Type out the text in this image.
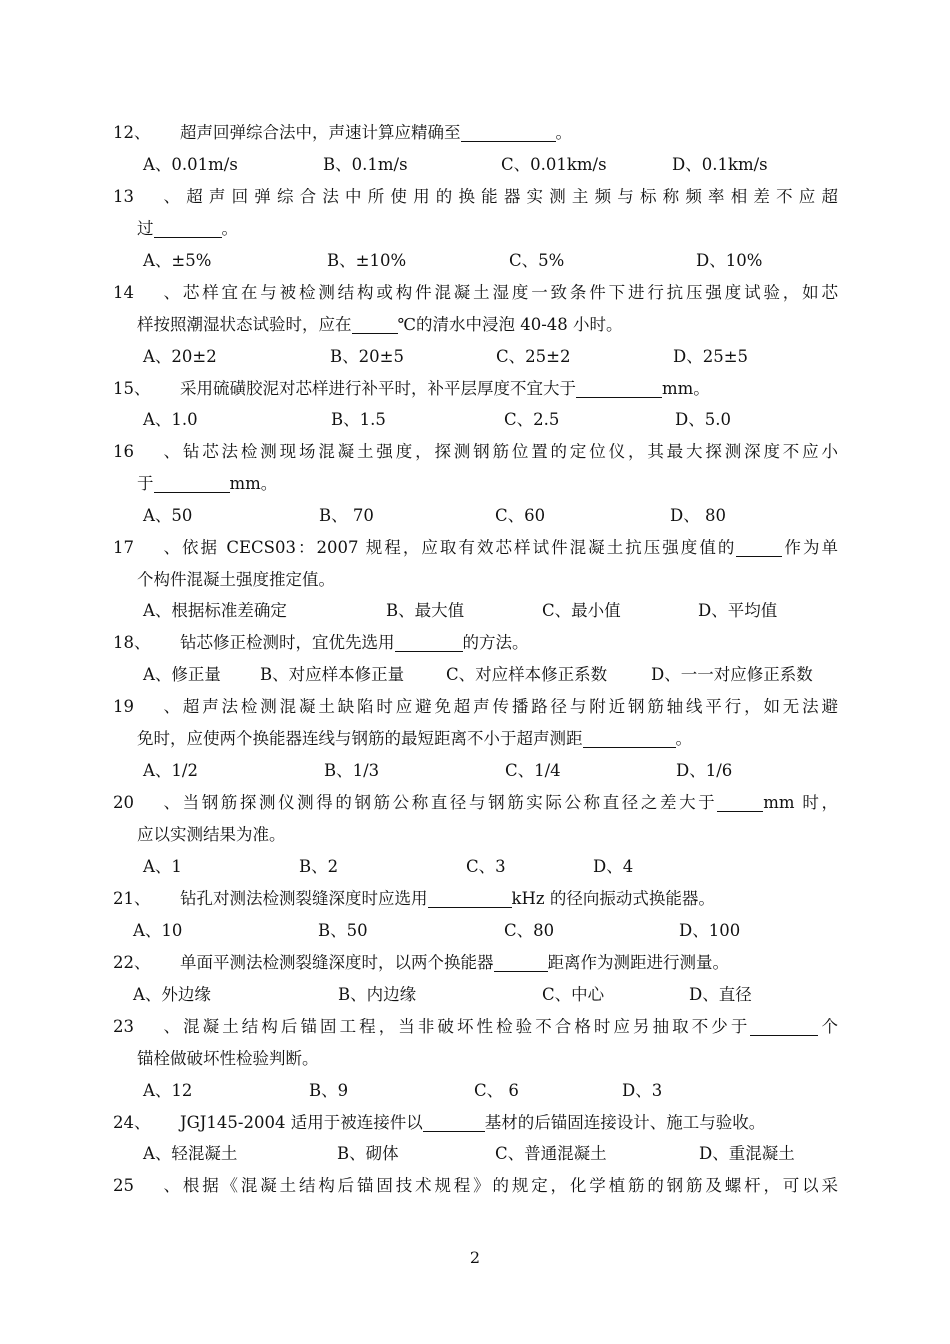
12、 超声回弹综合法中，声速计算应精确至	。
A、0.01m/s	B、0.1m/s	C、0.01km/s	D、0.1km/s
13、超声回弹综合法中所使用的换能器实测主频与标称频率相差不应超
过	。
A、±5%	B、±10%	C、5%	D、10%
14、芯样宜在与被检测结构或构件混凝土湿度一致条件下进行抗压强度试验，如芯
样按照潮湿状态试验时，应在	℃的清水中浸泡 40-48 小时。
A、20±2	B、20±5	C、25±2	D、25±5
15、 采用硫磺胶泥对芯样进行补平时，补平层厚度不宜大于	mm。
A、1.0	B、1.5	C、2.5	D、5.0
16、钻芯法检测现场混凝土强度，探测钢筋位置的定位仪，其最大探测深度不应小
于	mm。
A、50	B、 70	C、60	D、 80
17、依据 CECS03：2007 规程，应取有效芯样试件混凝土抗压强度值的	作为单
个构件混凝土强度推定值。
A、根据标准差确定	B、最大值	C、最小值	D、平均值
18、 钻芯修正检测时，宜优先选用	的方法。
A、修正量 B、对应样本修正量	C、对应样本修正系数	D、一一对应修正系数
19、超声法检测混凝土缺陷时应避免超声传播路径与附近钢筋轴线平行，如无法避
免时，应使两个换能器连线与钢筋的最短距离不小于超声测距	。
A、1/2	B、1/3	C、1/4	D、1/6
20、当钢筋探测仪测得的钢筋公称直径与钢筋实际公称直径之差大于	mm 时，
应以实测结果为准。
A、1	B、2	C、3	D、4
21、 钻孔对测法检测裂缝深度时应选用	kHz 的径向振动式换能器。
A、10	B、50	C、80	D、100
22、 单面平测法检测裂缝深度时，以两个换能器	距离作为测距进行测量。
A、外边缘	B、内边缘	C、中心	D、直径
23、混凝土结构后锚固工程，当非破坏性检验不合格时应另抽取不少于	个
锚栓做破坏性检验判断。
A、12	B、9	C、 6	D、3
24、 JGJ145-2004 适用于被连接件以	基材的后锚固连接设计、施工与验收。
A、轻混凝土	B、砌体	C、普通混凝土	D、重混凝土
25、根据《混凝土结构后锚固技术规程》的规定，化学植筋的钢筋及螺杆，可以采
2
